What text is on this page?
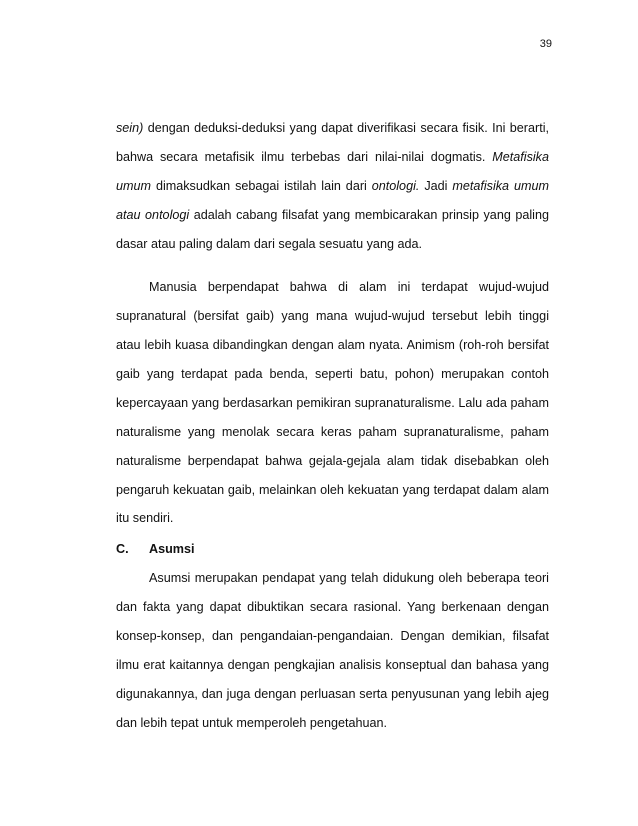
39
sein) dengan deduksi-deduksi yang dapat diverifikasi secara fisik. Ini berarti,
bahwa secara metafisik ilmu terbebas dari nilai-nilai dogmatis. Metafisika
umum dimaksudkan sebagai istilah lain dari ontologi. Jadi metafisika umum
atau ontologi adalah cabang filsafat yang membicarakan prinsip yang paling
dasar atau paling dalam dari segala sesuatu yang ada.
Manusia berpendapat bahwa di alam ini terdapat wujud-wujud
supranatural (bersifat gaib) yang mana wujud-wujud tersebut lebih tinggi
atau lebih kuasa dibandingkan dengan alam nyata. Animism (roh-roh bersifat
gaib yang terdapat pada benda, seperti batu, pohon) merupakan contoh
kepercayaan yang berdasarkan pemikiran supranaturalisme. Lalu ada paham
naturalisme yang menolak secara keras paham supranaturalisme, paham
naturalisme berpendapat bahwa gejala-gejala alam tidak disebabkan oleh
pengaruh kekuatan gaib, melainkan oleh kekuatan yang terdapat dalam alam
itu sendiri.
C. Asumsi
Asumsi merupakan pendapat yang telah didukung oleh beberapa teori
dan fakta yang dapat dibuktikan secara rasional. Yang berkenaan dengan
konsep-konsep, dan pengandaian-pengandaian. Dengan demikian, filsafat
ilmu erat kaitannya dengan pengkajian analisis konseptual dan bahasa yang
digunakannya, dan juga dengan perluasan serta penyusunan yang lebih ajeg
dan lebih tepat untuk memperoleh pengetahuan.
